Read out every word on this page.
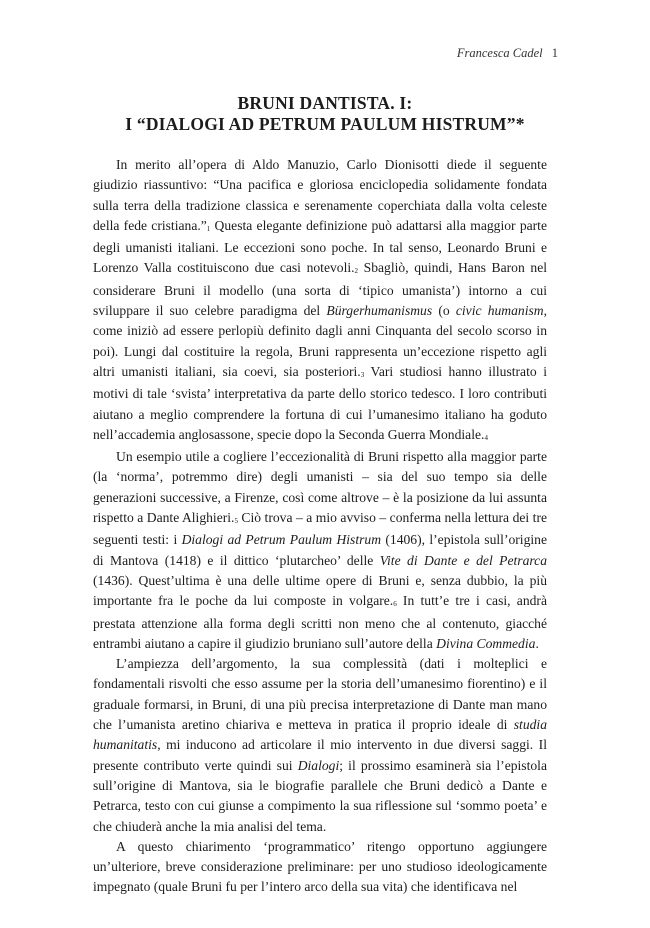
Francesca Cadel 1
BRUNI DANTISTA. I:
I “DIALOGI AD PETRUM PAULUM HISTRUM”*

In merito all’opera di Aldo Manuzio, Carlo Dionisotti diede il seguente giudizio riassuntivo: “Una pacifica e gloriosa enciclopedia solidamente fondata sulla terra della tradizione classica e serenamente coperchiata dalla volta celeste della fede cristiana.”$^1$ Questa elegante definizione può adattarsi alla maggior parte degli umanisti italiani. Le eccezioni sono poche. In tal senso, Leonardo Bruni e Lorenzo Valla costituiscono due casi notevoli.$^2$ Sbagliò, quindi, Hans Baron nel considerare Bruni il modello (una sorta di ‘tipico umanista’) intorno a cui sviluppare il suo celebre paradigma del Bürgerhumanismus (o civic humanism, come iniziò ad essere perlopiù definito dagli anni Cinquanta del secolo scorso in poi). Lungi dal costituire la regola, Bruni rappresenta un’eccezione rispetto agli altri umanisti italiani, sia coevi, sia posteriori.$^3$ Vari studiosi hanno illustrato i motivi di tale ‘svista’ interpretativa da parte dello storico tedesco. I loro contributi aiutano a meglio comprendere la fortuna di cui l’umanesimo italiano ha goduto nell’accademia anglosassone, specie dopo la Seconda Guerra Mondiale.$^4$

Un esempio utile a cogliere l’eccezionalità di Bruni rispetto alla maggior parte (la ‘norma’, potremmo dire) degli umanisti – sia del suo tempo sia delle generazioni successive, a Firenze, così come altrove – è la posizione da lui assunta rispetto a Dante Alighieri.$^5$ Ciò trova – a mio avviso – conferma nella lettura dei tre seguenti testi: i Dialogi ad Petrum Paulum Histrum (1406), l’epistola sull’origine di Mantova (1418) e il dittico ‘plutarcheo’ delle Vite di Dante e del Petrarca (1436). Quest’ultima è una delle ultime opere di Bruni e, senza dubbio, la più importante fra le poche da lui composte in volgare.$^6$ In tutt’e tre i casi, andrà prestata attenzione alla forma degli scritti non meno che al contenuto, giacché entrambi aiutano a capire il giudizio bruniano sull’autore della Divina Commedia.

L’ampiezza dell’argomento, la sua complessità (dati i molteplici e fondamentali risvolti che esso assume per la storia dell’umanesimo fiorentino) e il graduale formarsi, in Bruni, di una più precisa interpretazione di Dante man mano che l’umanista aretino chiariva e metteva in pratica il proprio ideale di studia humanitatis, mi inducono ad articolare il mio intervento in due diversi saggi. Il presente contributo verte quindi sui Dialogi; il prossimo esaminerà sia l’epistola sull’origine di Mantova, sia le biografie parallele che Bruni dedicò a Dante e Petrarca, testo con cui giunse a compimento la sua riflessione sul ‘sommo poeta’ e che chiuderà anche la mia analisi del tema.

A questo chiarimento ‘programmatico’ ritengo opportuno aggiungere un’ulteriore, breve considerazione preliminare: per uno studioso ideologicamente impegnato (quale Bruni fu per l’intero arco della sua vita) che identificava nel
